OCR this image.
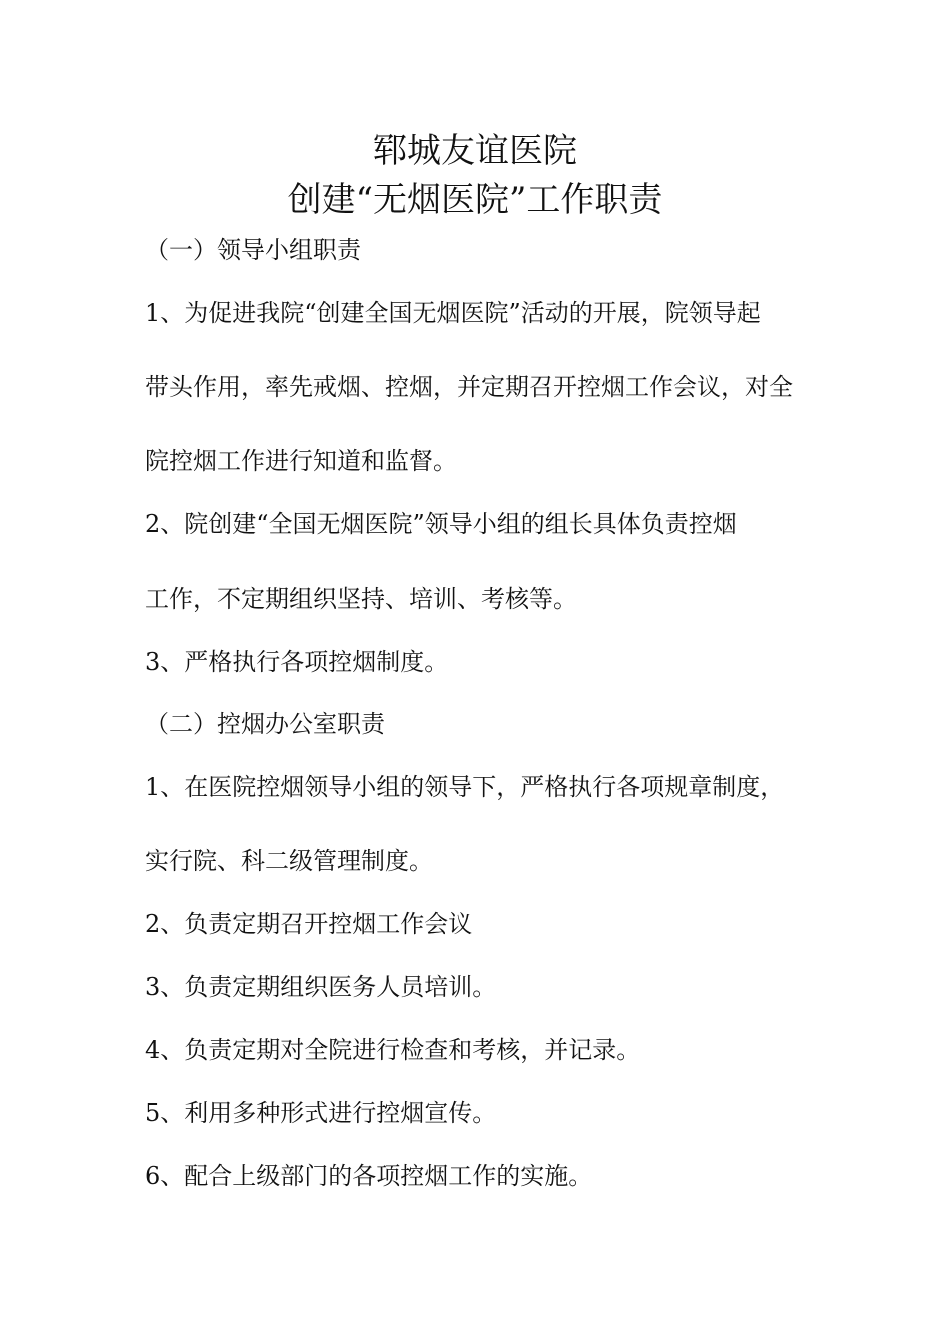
郓城友谊医院
创建“无烟医院”工作职责
（一）领导小组职责
1、为促进我院“创建全国无烟医院”活动的开展，院领导起
带头作用，率先戒烟、控烟，并定期召开控烟工作会议，对全
院控烟工作进行知道和监督。
2、院创建“全国无烟医院”领导小组的组长具体负责控烟
工作，不定期组织坚持、培训、考核等。
3、严格执行各项控烟制度。
（二）控烟办公室职责
1、在医院控烟领导小组的领导下，严格执行各项规章制度，
实行院、科二级管理制度。
2、负责定期召开控烟工作会议
3、负责定期组织医务人员培训。
4、负责定期对全院进行检查和考核，并记录。
5、利用多种形式进行控烟宣传。
6、配合上级部门的各项控烟工作的实施。
